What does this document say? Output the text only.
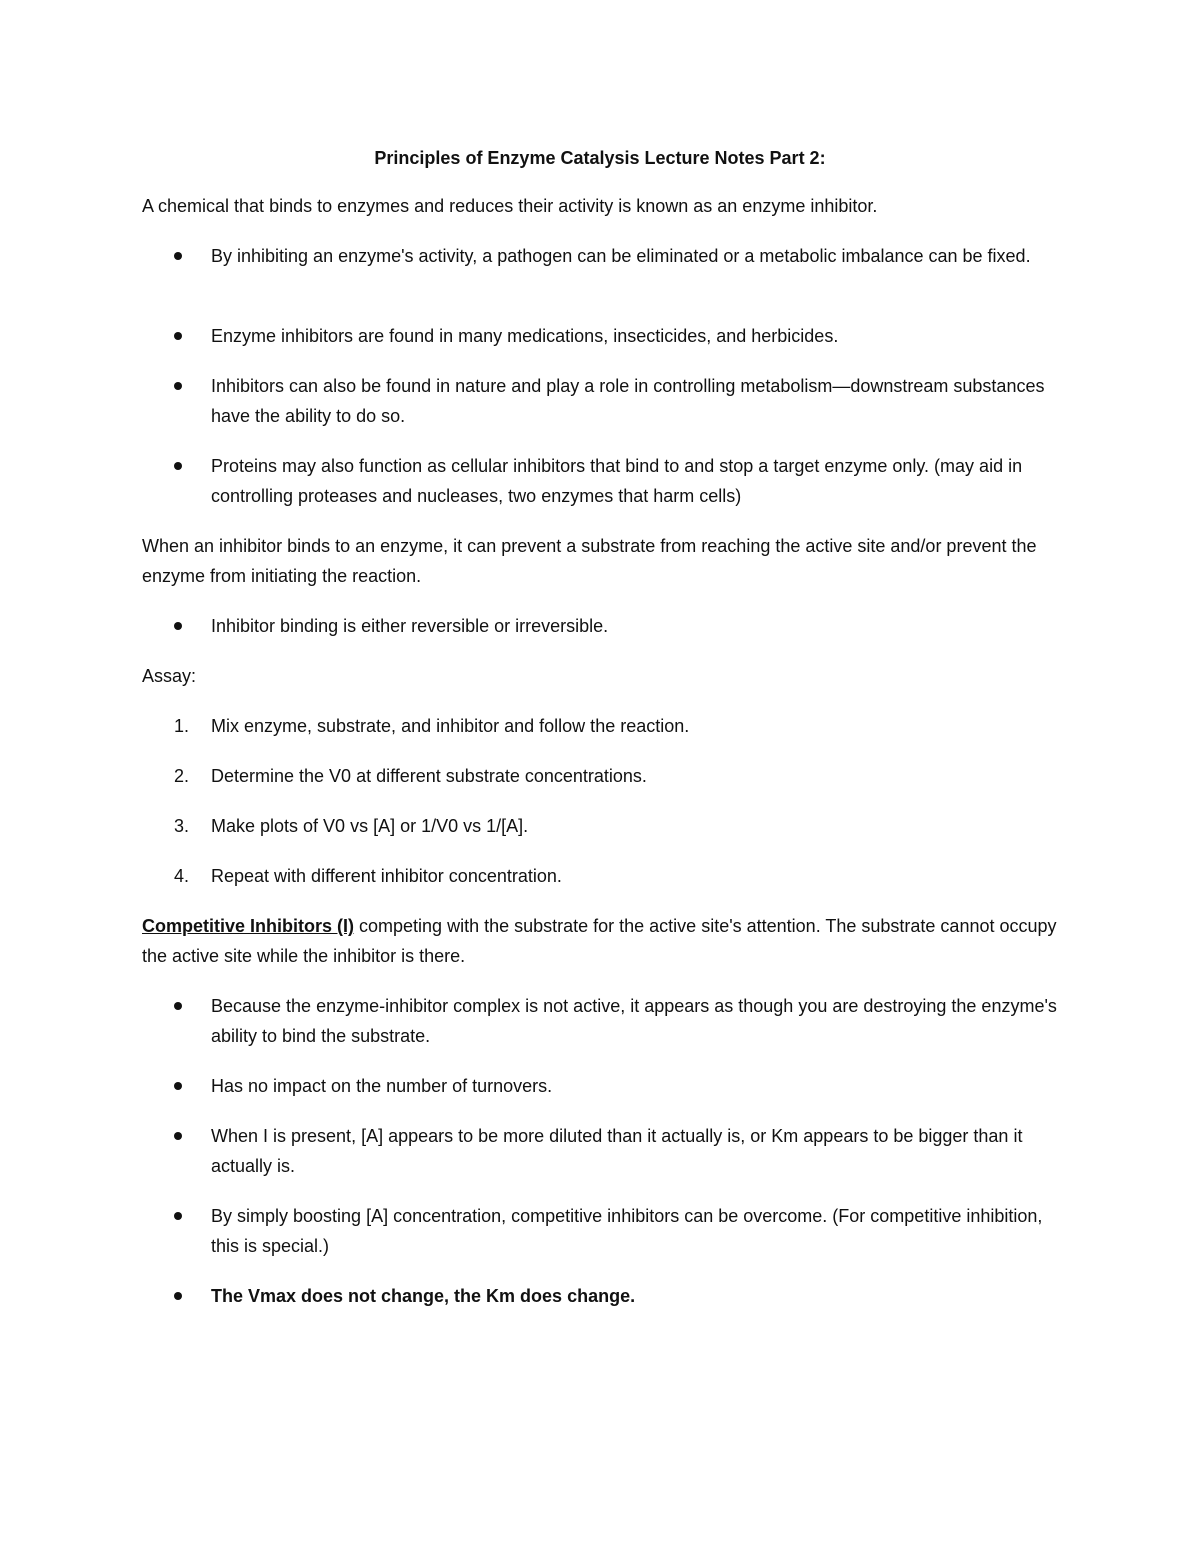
Principles of Enzyme Catalysis Lecture Notes Part 2:

A chemical that binds to enzymes and reduces their activity is known as an enzyme inhibitor.

By inhibiting an enzyme's activity, a pathogen can be eliminated or a metabolic imbalance can be fixed.
Enzyme inhibitors are found in many medications, insecticides, and herbicides.
Inhibitors can also be found in nature and play a role in controlling metabolism—downstream substances have the ability to do so.
Proteins may also function as cellular inhibitors that bind to and stop a target enzyme only. (may aid in controlling proteases and nucleases, two enzymes that harm cells)

When an inhibitor binds to an enzyme, it can prevent a substrate from reaching the active site and/or prevent the enzyme from initiating the reaction.

Inhibitor binding is either reversible or irreversible.

Assay:

1. Mix enzyme, substrate, and inhibitor and follow the reaction.
2. Determine the V0 at different substrate concentrations.
3. Make plots of V0 vs [A] or 1/V0 vs 1/[A].
4. Repeat with different inhibitor concentration.

Competitive Inhibitors (I) competing with the substrate for the active site's attention. The substrate cannot occupy the active site while the inhibitor is there.

Because the enzyme-inhibitor complex is not active, it appears as though you are destroying the enzyme's ability to bind the substrate.
Has no impact on the number of turnovers.
When I is present, [A] appears to be more diluted than it actually is, or Km appears to be bigger than it actually is.
By simply boosting [A] concentration, competitive inhibitors can be overcome. (For competitive inhibition, this is special.)
The Vmax does not change, the Km does change.
